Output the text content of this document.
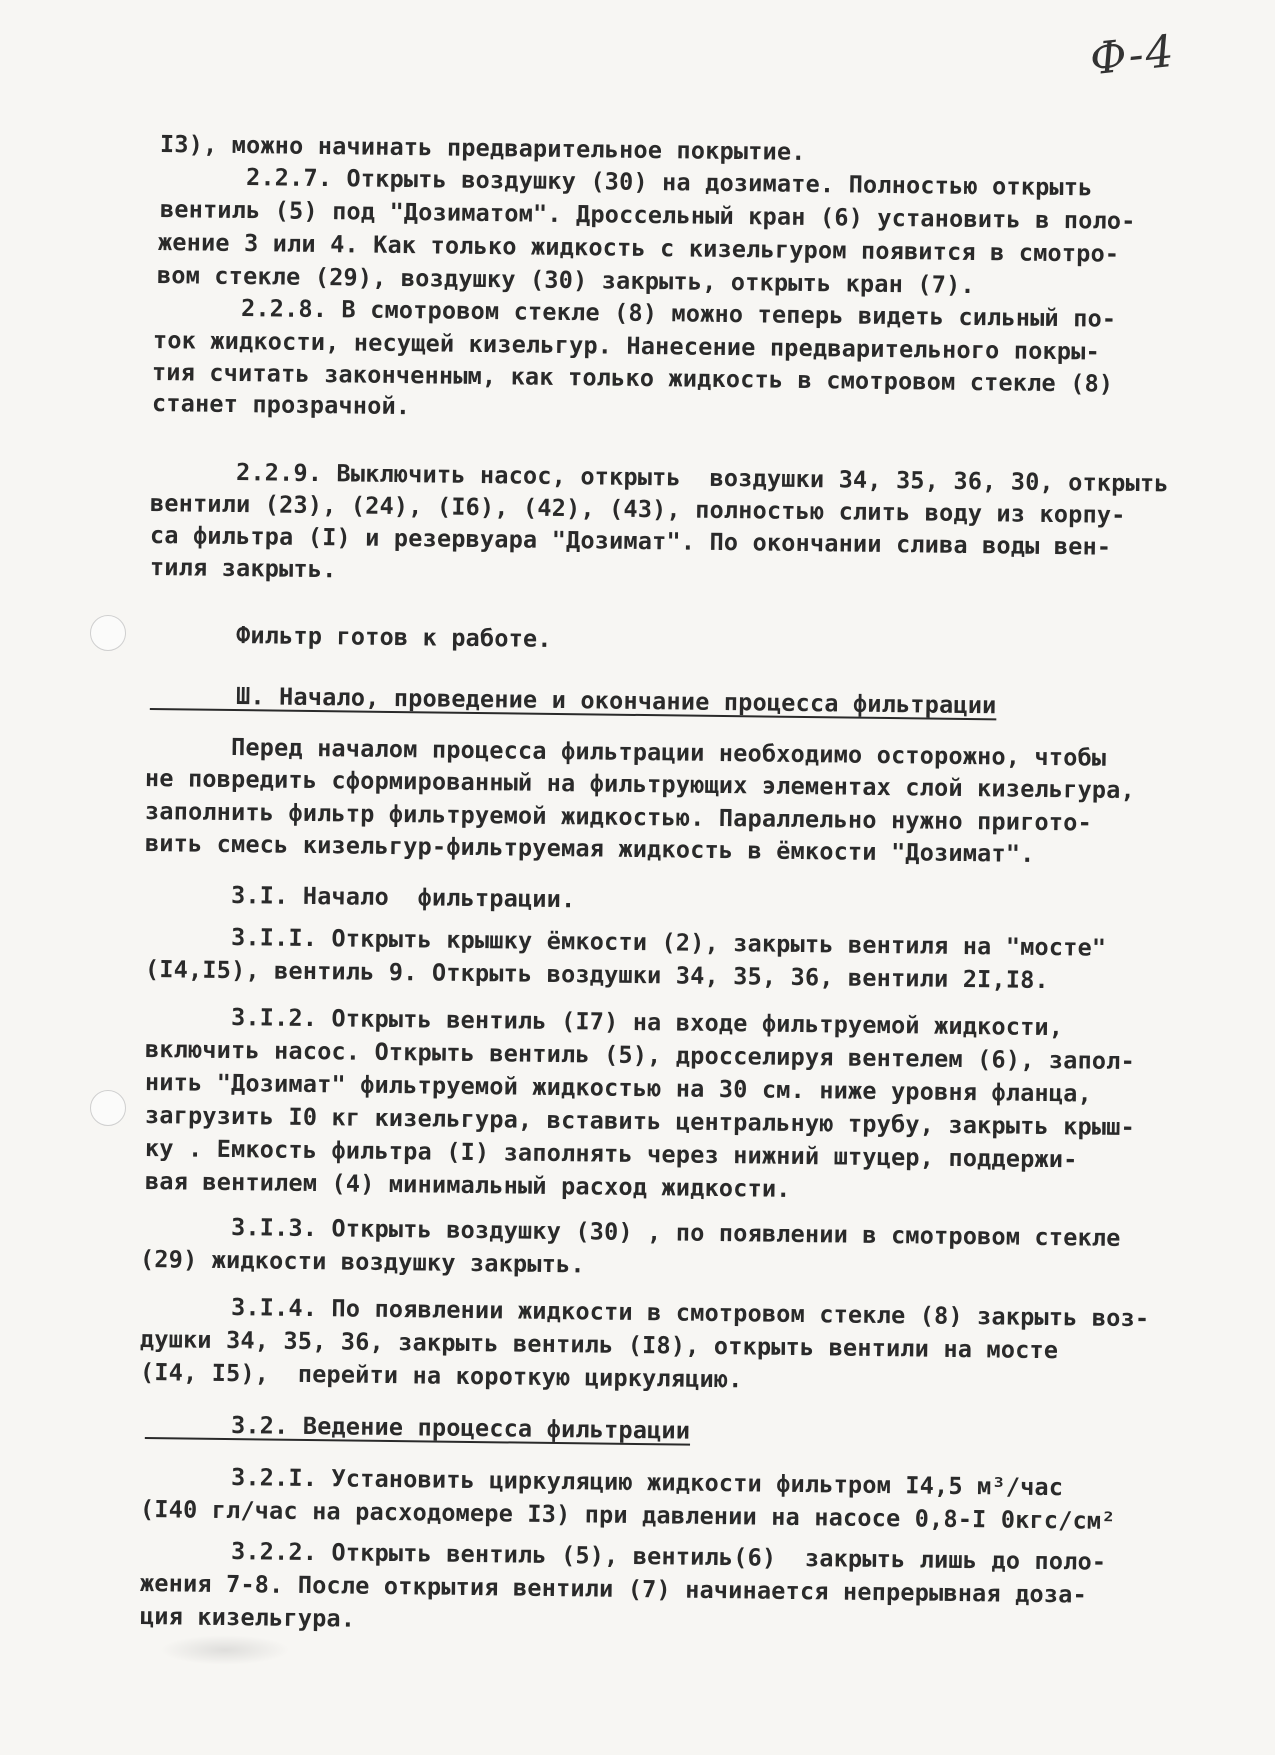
Ф-4
I3), можно начинать предварительное покрытие.
2.2.7. Открыть воздушку (30) на дозимате. Полностью открыть
вентиль (5) под "Дозиматом". Дроссельный кран (6) установить в поло-
жение 3 или 4. Как только жидкость с кизельгуром появится в смотро-
вом стекле (29), воздушку (30) закрыть, открыть кран (7).
2.2.8. В смотровом стекле (8) можно теперь видеть сильный по-
ток жидкости, несущей кизельгур. Нанесение предварительного покры-
тия считать законченным, как только жидкость в смотровом стекле (8)
станет прозрачной.
2.2.9. Выключить насос, открыть  воздушки 34, 35, 36, 30, открыть
вентили (23), (24), (I6), (42), (43), полностью слить воду из корпу-
са фильтра (I) и резервуара "Дозимат". По окончании слива воды вен-
тиля закрыть.
Фильтр готов к работе.
Ш. Начало, проведение и окончание процесса фильтрации
Перед началом процесса фильтрации необходимо осторожно, чтобы
не повредить сформированный на фильтрующих элементах слой кизельгура,
заполнить фильтр фильтруемой жидкостью. Параллельно нужно пригото-
вить смесь кизельгур-фильтруемая жидкость в ёмкости "Дозимат".
3.I. Начало  фильтрации.
3.I.I. Открыть крышку ёмкости (2), закрыть вентиля на "мосте"
(I4,I5), вентиль 9. Открыть воздушки 34, 35, 36, вентили 2I,I8.
3.I.2. Открыть вентиль (I7) на входе фильтруемой жидкости,
включить насос. Открыть вентиль (5), дросселируя вентелем (6), запол-
нить "Дозимат" фильтруемой жидкостью на 30 см. ниже уровня фланца,
загрузить I0 кг кизельгура, вставить центральную трубу, закрыть крыш-
ку . Емкость фильтра (I) заполнять через нижний штуцер, поддержи-
вая вентилем (4) минимальный расход жидкости.
3.I.3. Открыть воздушку (30) , по появлении в смотровом стекле
(29) жидкости воздушку закрыть.
3.I.4. По появлении жидкости в смотровом стекле (8) закрыть воз-
душки 34, 35, 36, закрыть вентиль (I8), открыть вентили на мосте
(I4, I5),  перейти на короткую циркуляцию.
3.2. Ведение процесса фильтрации
3.2.I. Установить циркуляцию жидкости фильтром I4,5 м³/час
(I40 гл/час на расходомере I3) при давлении на насосе 0,8-I 0кгс/см²
3.2.2. Открыть вентиль (5), вентиль(6)  закрыть лишь до поло-
жения 7-8. После открытия вентили (7) начинается непрерывная доза-
ция кизельгура.
